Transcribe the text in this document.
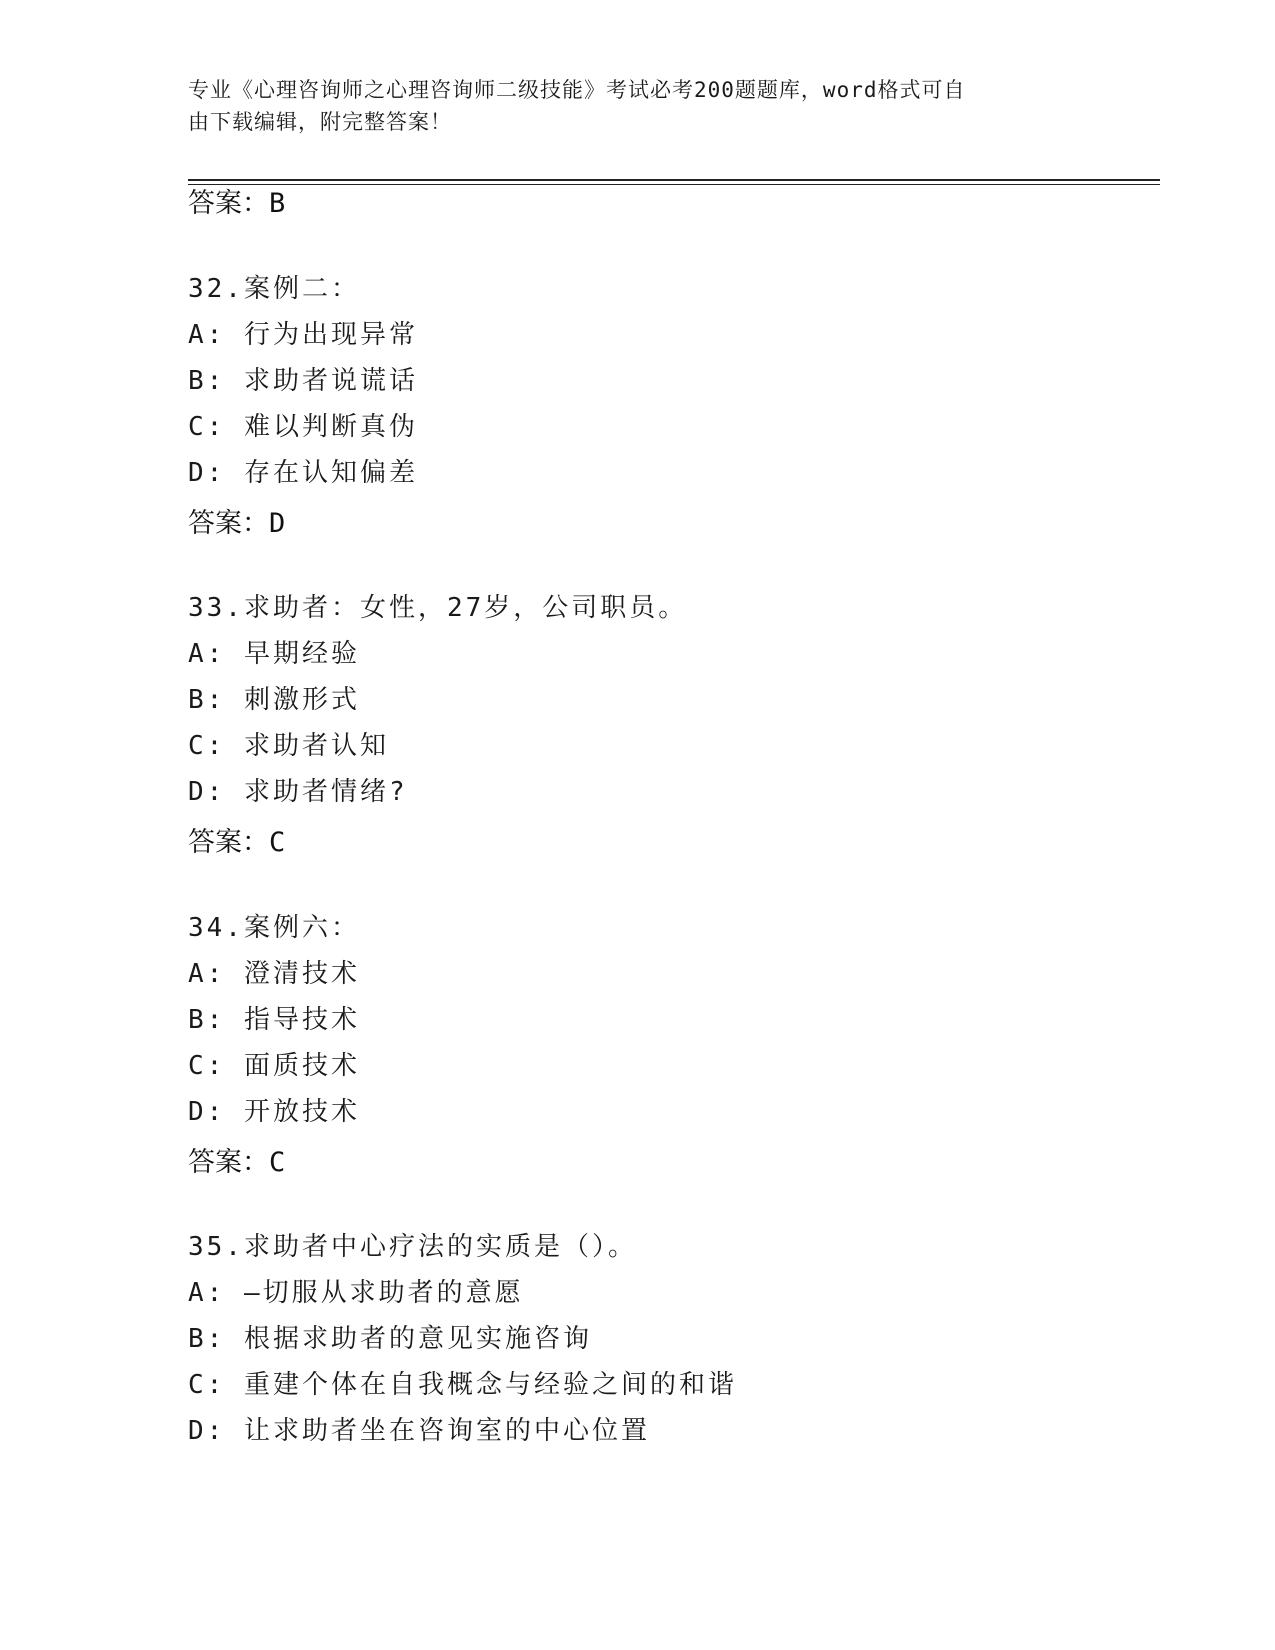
专业《心理咨询师之心理咨询师二级技能》考试必考200题题库，word格式可自
由下载编辑，附完整答案！
答案：B
32.案例二：
A: 行为出现异常
B: 求助者说谎话
C: 难以判断真伪
D: 存在认知偏差
答案：D
33.求助者：女性，27岁，公司职员。
A: 早期经验
B: 刺激形式
C: 求助者认知
D: 求助者情绪?
答案：C
34.案例六：
A: 澄清技术
B: 指导技术
C: 面质技术
D: 开放技术
答案：C
35.求助者中心疗法的实质是（）。
A: —切服从求助者的意愿
B: 根据求助者的意见实施咨询
C: 重建个体在自我概念与经验之间的和谐
D: 让求助者坐在咨询室的中心位置
